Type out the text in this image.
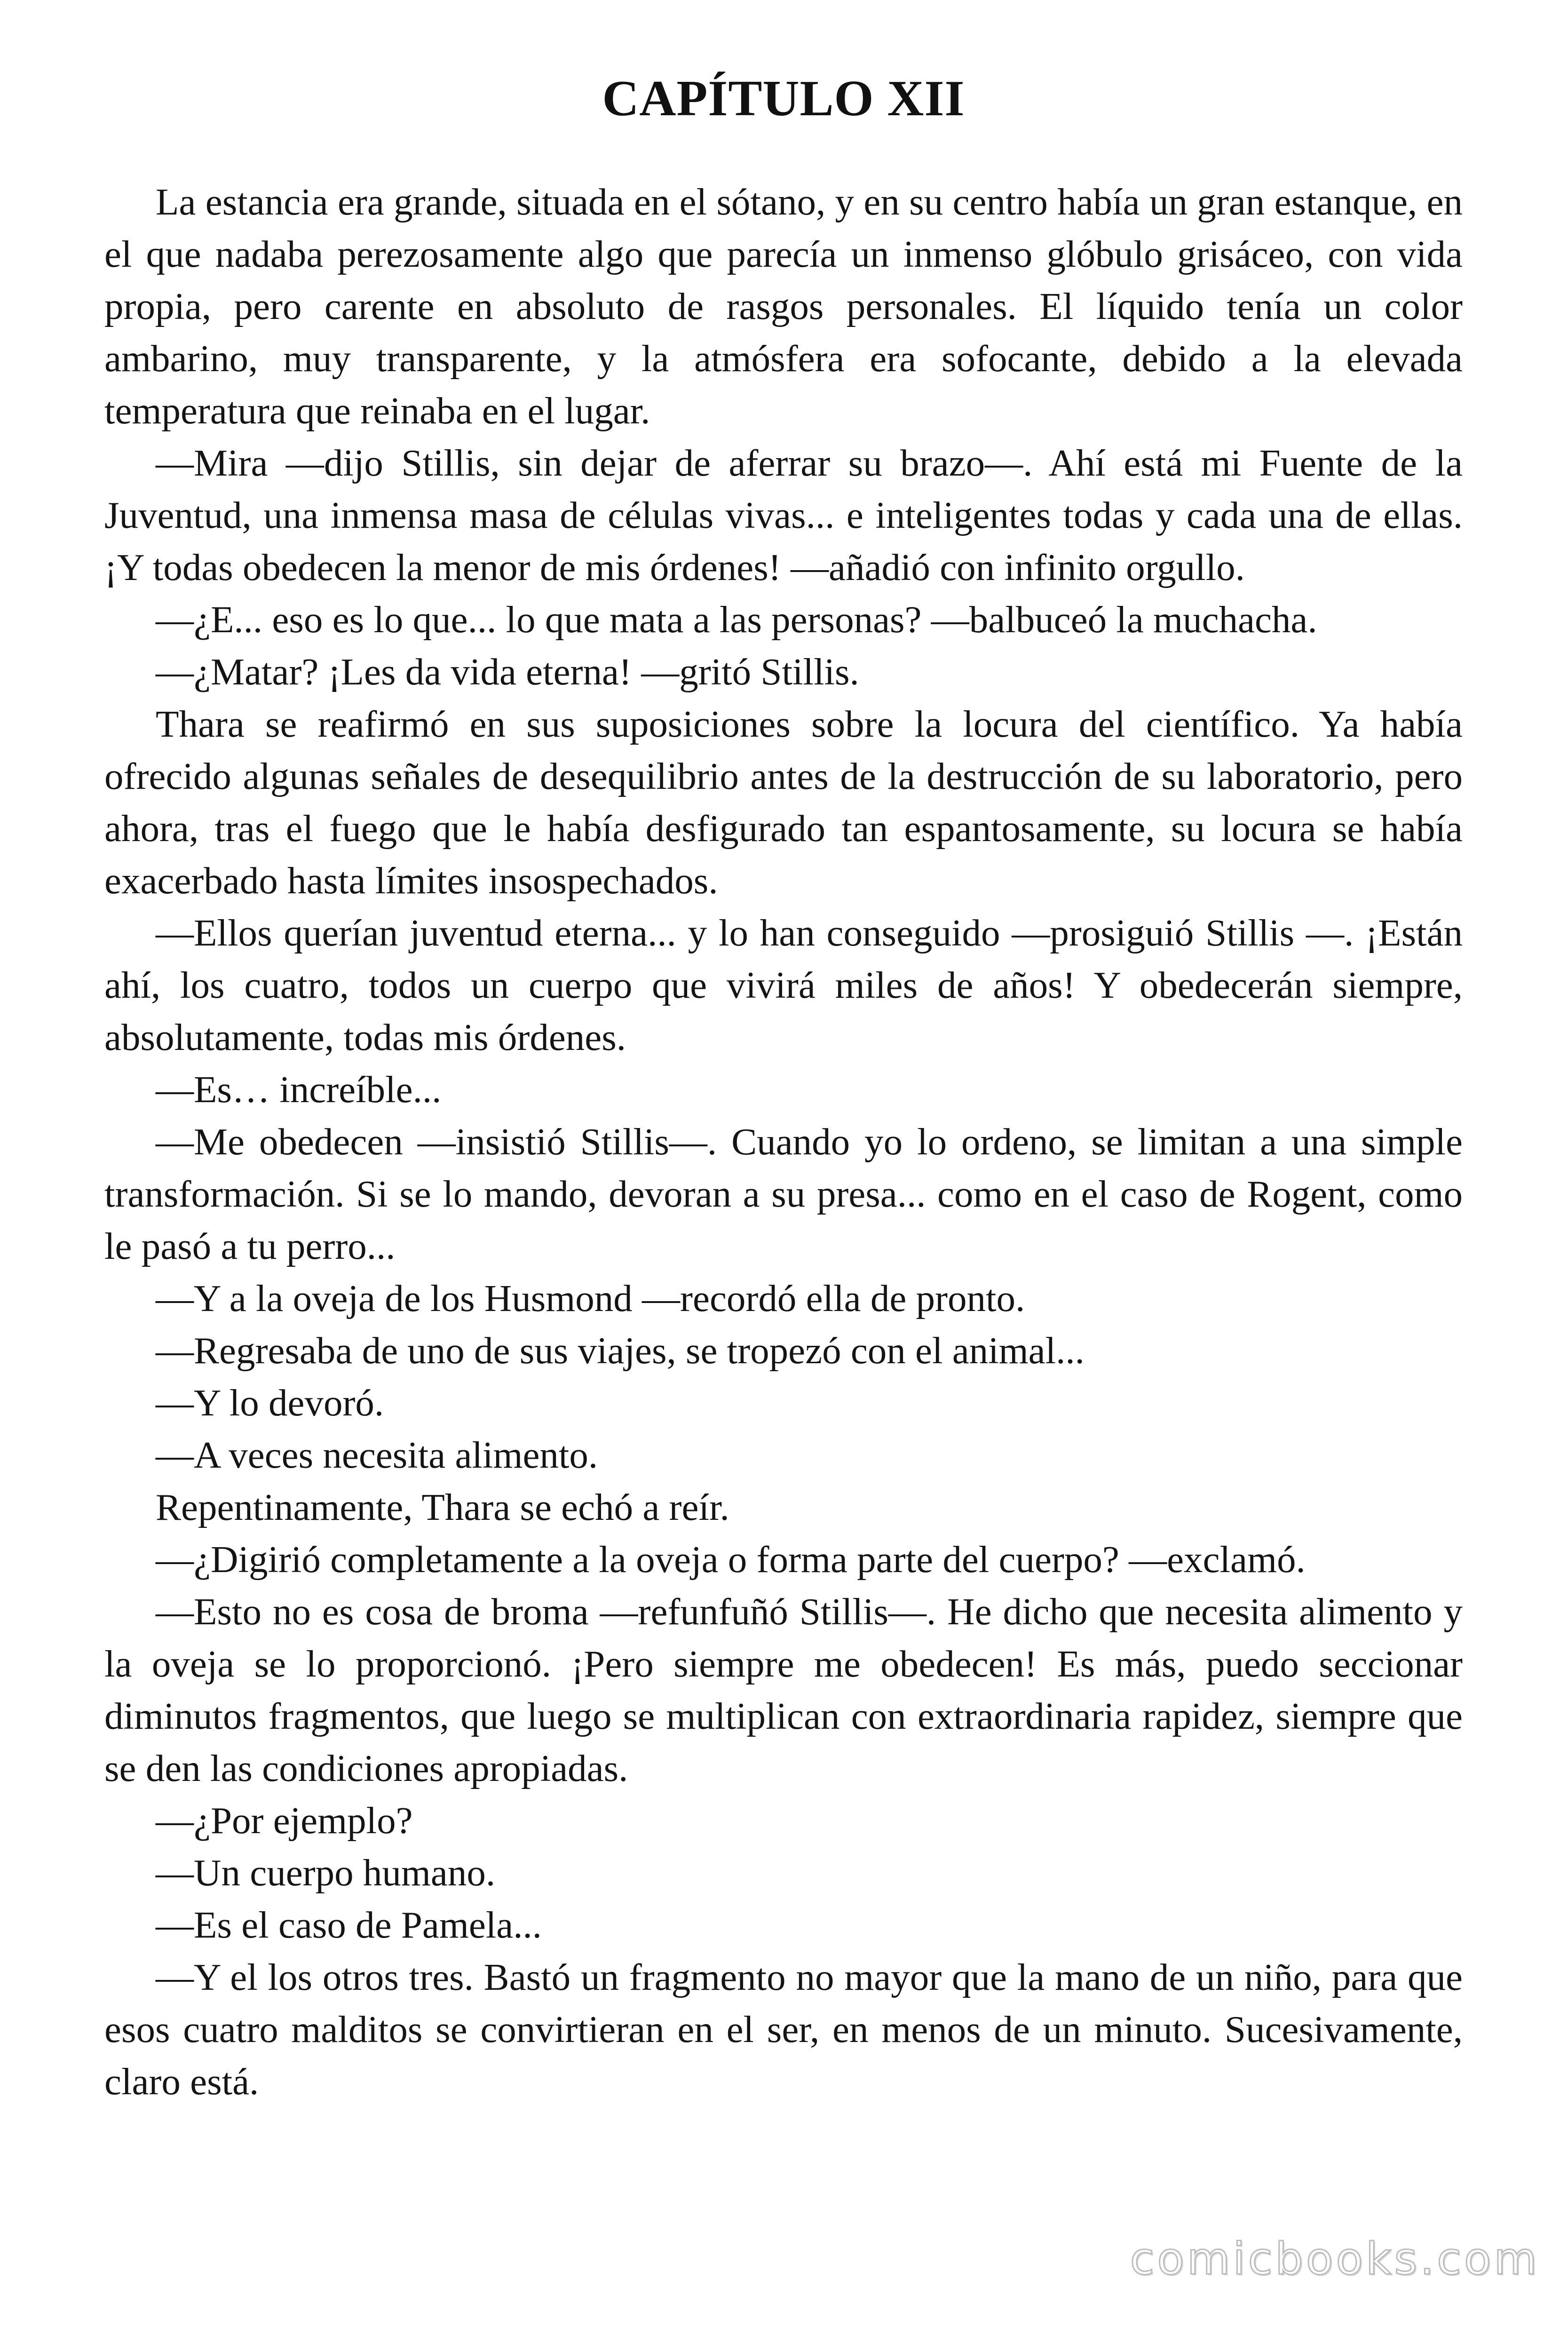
CAPÍTULO XII

La estancia era grande, situada en el sótano, y en su centro había un gran estanque, en el que nadaba perezosamente algo que parecía un inmenso glóbulo grisáceo, con vida propia, pero carente en absoluto de rasgos personales. El líquido tenía un color ambarino, muy transparente, y la atmósfera era sofocante, debido a la elevada temperatura que reinaba en el lugar.

—Mira —dijo Stillis, sin dejar de aferrar su brazo—. Ahí está mi Fuente de la Juventud, una inmensa masa de células vivas... e inteligentes todas y cada una de ellas. ¡Y todas obedecen la menor de mis órdenes! —añadió con infinito orgullo.

—¿E... eso es lo que... lo que mata a las personas? —balbuceó la muchacha.

—¿Matar? ¡Les da vida eterna! —gritó Stillis.

Thara se reafirmó en sus suposiciones sobre la locura del científico. Ya había ofrecido algunas señales de desequilibrio antes de la destrucción de su laboratorio, pero ahora, tras el fuego que le había desfigurado tan espantosamente, su locura se había exacerbado hasta límites insospechados.

—Ellos querían juventud eterna... y lo han conseguido —prosiguió Stillis —. ¡Están ahí, los cuatro, todos un cuerpo que vivirá miles de años! Y obedecerán siempre, absolutamente, todas mis órdenes.

—Es… increíble...

—Me obedecen —insistió Stillis—. Cuando yo lo ordeno, se limitan a una simple transformación. Si se lo mando, devoran a su presa... como en el caso de Rogent, como le pasó a tu perro...

—Y a la oveja de los Husmond —recordó ella de pronto.

—Regresaba de uno de sus viajes, se tropezó con el animal...

—Y lo devoró.

—A veces necesita alimento.

Repentinamente, Thara se echó a reír.

—¿Digirió completamente a la oveja o forma parte del cuerpo? —exclamó.

—Esto no es cosa de broma —refunfuñó Stillis—. He dicho que necesita alimento y la oveja se lo proporcionó. ¡Pero siempre me obedecen! Es más, puedo seccionar diminutos fragmentos, que luego se multiplican con extraordinaria rapidez, siempre que se den las condiciones apropiadas.

—¿Por ejemplo?

—Un cuerpo humano.

—Es el caso de Pamela...

—Y el los otros tres. Bastó un fragmento no mayor que la mano de un niño, para que esos cuatro malditos se convirtieran en el ser, en menos de un minuto. Sucesivamente, claro está.

comicbooks.com
